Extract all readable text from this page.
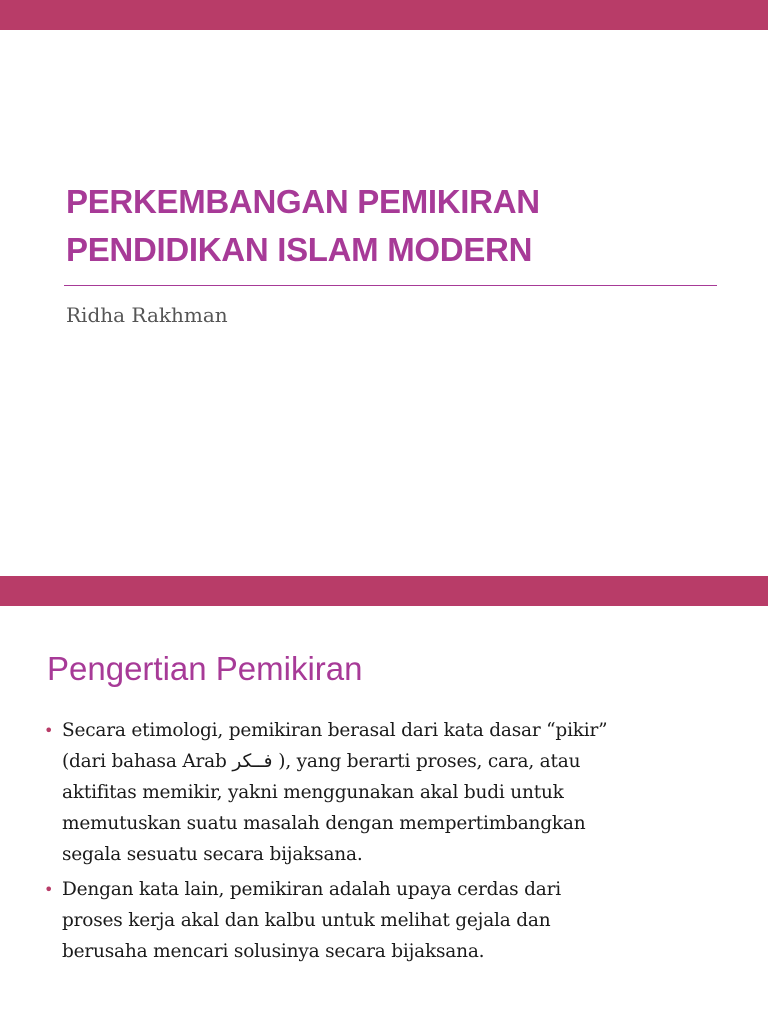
PERKEMBANGAN PEMIKIRAN
PENDIDIKAN ISLAM MODERN

Ridha Rakhman

Pengertian Pemikiran
• Secara etimologi, pemikiran berasal dari kata dasar “pikir”
(dari bahasa Arab فــكر ), yang berarti proses, cara, atau
aktifitas memikir, yakni menggunakan akal budi untuk
memutuskan suatu masalah dengan mempertimbangkan
segala sesuatu secara bijaksana.
• Dengan kata lain, pemikiran adalah upaya cerdas dari
proses kerja akal dan kalbu untuk melihat gejala dan
berusaha mencari solusinya secara bijaksana.
